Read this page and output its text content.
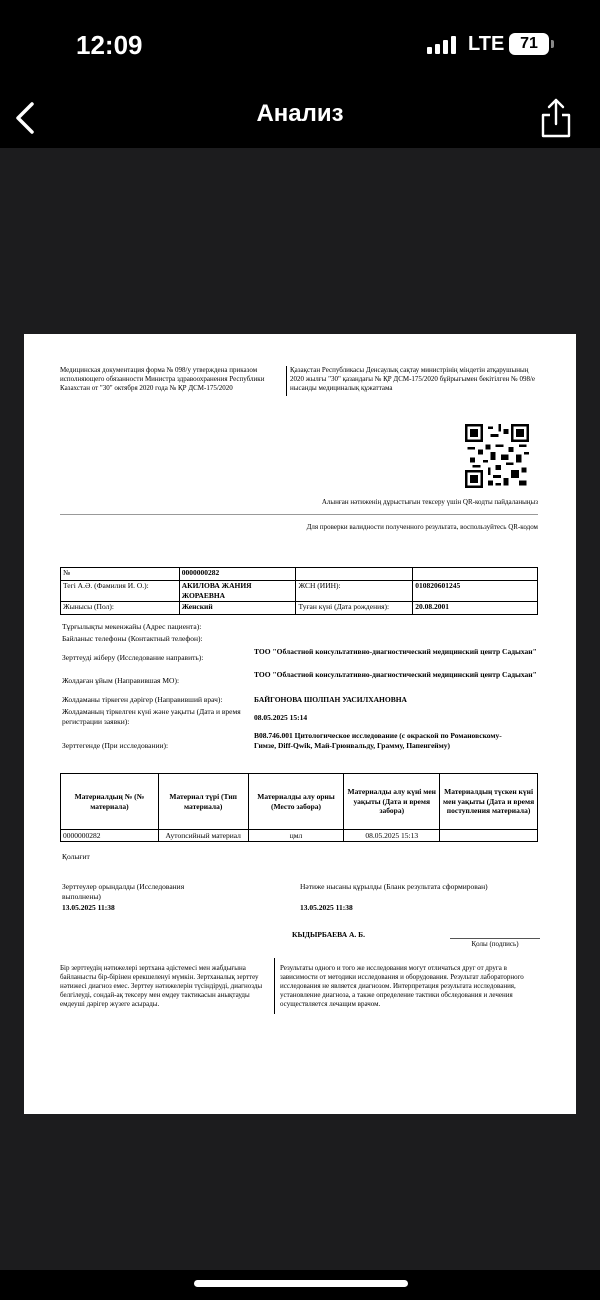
12:09	LTE 71
Анализ
Медицинская документация форма № 098/у утверждена приказом исполняющего обязанности Министра здравоохранения Республики Казахстан от "30" октября 2020 года № ҚР ДСМ-175/2020
Қазақстан Республикасы Денсаулық сақтау министрінің міндетін атқарушының 2020 жылғы "30" қазандағы № ҚР ДСМ-175/2020 бұйрығымен бекітілген № 098/е нысанды медициналық құжаттама
Алынған нәтиженің дұрыстығын тексеру үшін QR-кодты пайдаланыңыз
Для проверки валидности полученного результата, воспользуйтесь QR-кодом
№	0000000282		
Тегі А.Ә. (Фамилия И. О.):	АКИЛОВА ЖАНИЯ ЖОРАЕВНА	ЖСН (ИИН):	010820601245
Жынысы (Пол):	Женский	Туған күні (Дата рождения):	20.08.2001
Тұрғылықты мекенжайы (Адрес пациента):
Байланыс телефоны (Контактный телефон):
Зерттеуді жіберу (Исследование направить):
ТОО "Областной консультативно-диагностический медицинский центр Садыхан"
Жолдаған ұйым (Направившая МО):
ТОО "Областной консультативно-диагностический медицинский центр Садыхан"
Жолдаманы тіркеген дәрігер (Направивший врач):	БАЙГОНОВА ШОЛПАН УАСИЛХАНОВНА
Жолдаманың тіркелген күні және уақыты (Дата и время регистрации заявки):	08.05.2025 15:14
Зерттегенде (При исследовании):
B08.746.001 Цитологическое исследование (с окраской по Романовскому-Гимзе, Diff-Qwik, Май-Грюнвальду, Грамму, Папенгейму)
Материалдың № (№ материала)	Материал түрі (Тип материала)	Материалды алу орны (Место забора)	Материалды алу күні мен уақыты (Дата и время забора)	Материалдың түскен күні мен уақыты (Дата и время поступления материала)
0000000282	Аутопсийный материал	цмл	08.05.2025 15:13	
Қолығит
Зерттеулер орындалды (Исследования выполнены)
13.05.2025 11:38
Нәтиже нысаны құрылды (Бланк результата сформирован)
13.05.2025 11:38
КЫДЫРБАЕВА А. Б.
Қолы (подпись)
Бір зерттеудің нәтижелері зертхана әдістемесі мен жабдығына байланысты бір-бірінен ерекшеленуі мүмкін. Зертханалық зерттеу нәтижесі диагноз емес. Зерттеу нәтижелерін түсіндіруді, диагнозды белгілеуді, сондай-ақ тексеру мен емдеу тактикасын анықтауды емдеуші дәрігер жүзеге асырады.
Результаты одного и того же исследования могут отличаться друг от друга в зависимости от методики исследования и оборудования. Результат лабораторного исследования не является диагнозом. Интерпретация результата исследования, установление диагноза, а также определение тактики обследования и лечения осуществляется лечащим врачом.
